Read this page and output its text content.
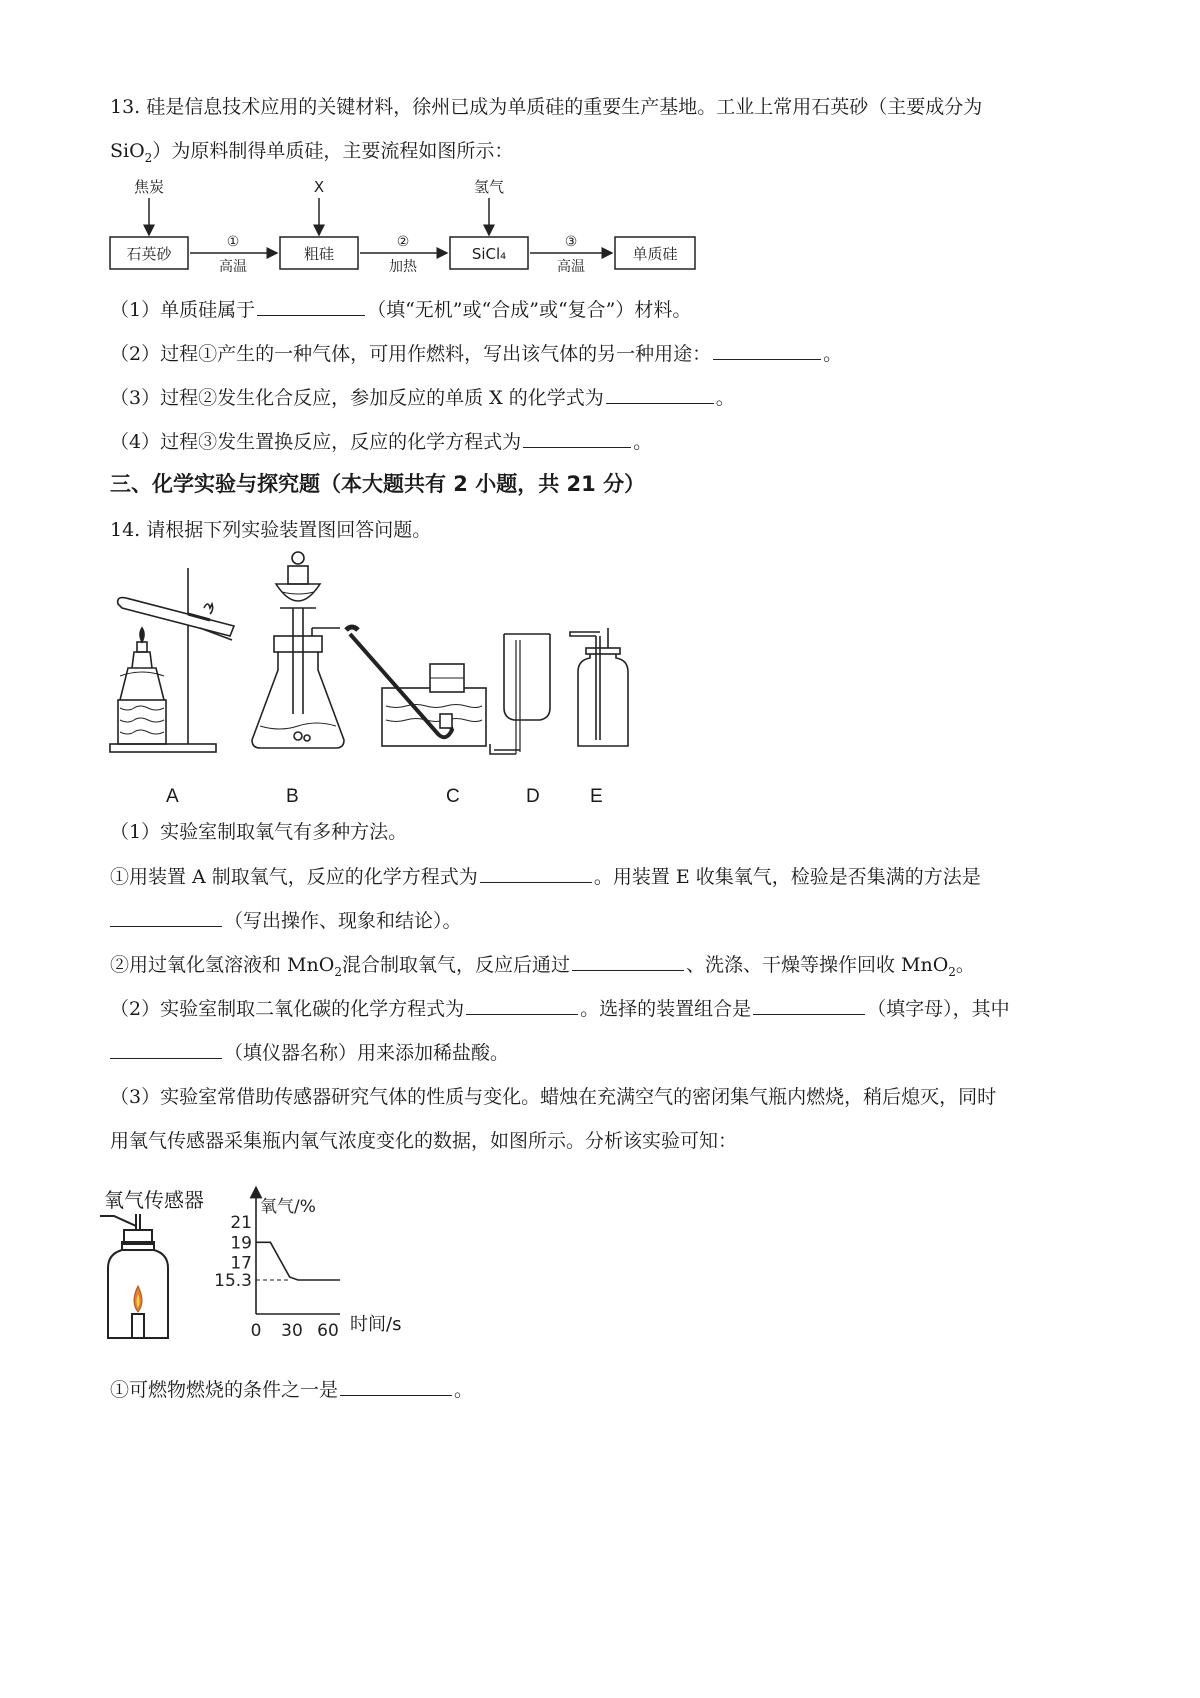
13. 硅是信息技术应用的关键材料，徐州已成为单质硅的重要生产基地。工业上常用石英砂（主要成分为
SiO$_2$）为原料制得单质硅，主要流程如图所示：
石英砂	粗硅	SiCl₄	单质硅
焦炭	X	氢气
①	②	③
高温	加热	高温
（1）单质硅属于	（填“无机”或“合成”或“复合”）材料。
（2）过程①产生的一种气体，可用作燃料，写出该气体的另一种用途：	。
（3）过程②发生化合反应，参加反应的单质 X 的化学式为	。
（4）过程③发生置换反应，反应的化学方程式为	。
三、化学实验与探究题（本大题共有 2 小题，共 21 分）
14. 请根据下列实验装置图回答问题。
A	B	C	D	E
（1）实验室制取氧气有多种方法。
①用装置 A 制取氧气，反应的化学方程式为	。用装置 E 收集氧气，检验是否集满的方法是
（写出操作、现象和结论）。
②用过氧化氢溶液和 MnO$_2$混合制取氧气，反应后通过	、洗涤、干燥等操作回收 MnO$_2$。
（2）实验室制取二氧化碳的化学方程式为	。选择的装置组合是	（填字母），其中
（填仪器名称）用来添加稀盐酸。
（3）实验室常借助传感器研究气体的性质与变化。蜡烛在充满空气的密闭集气瓶内燃烧，稍后熄灭，同时
用氧气传感器采集瓶内氧气浓度变化的数据，如图所示。分析该实验可知：
氧气传感器	氧气/%
21
19
17
15.3
0 30 60 时间/s
①可燃物燃烧的条件之一是	。
